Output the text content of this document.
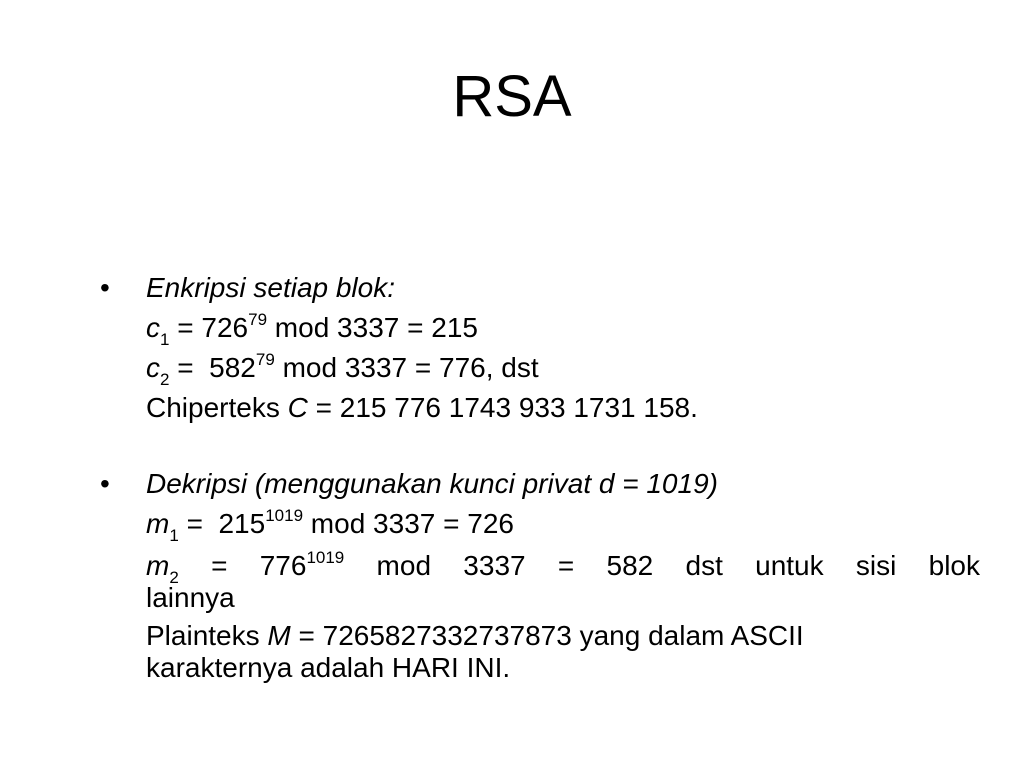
RSA
•	Enkripsi setiap blok:
$c_1 = 726^{79}$ mod 3337 = 215
$c_2 = 582^{79}$ mod 3337 = 776, dst
Chiperteks C = 215 776 1743 933 1731 158.
•	Dekripsi (menggunakan kunci privat d = 1019)
$m_1 = 215^{1019}$ mod 3337 = 726
$m_2 = 776^{1019}$ mod 3337 = 582 dst untuk sisi blok
lainnya
Plainteks M = 7265827332737873 yang dalam ASCII
karakternya adalah HARI INI.
